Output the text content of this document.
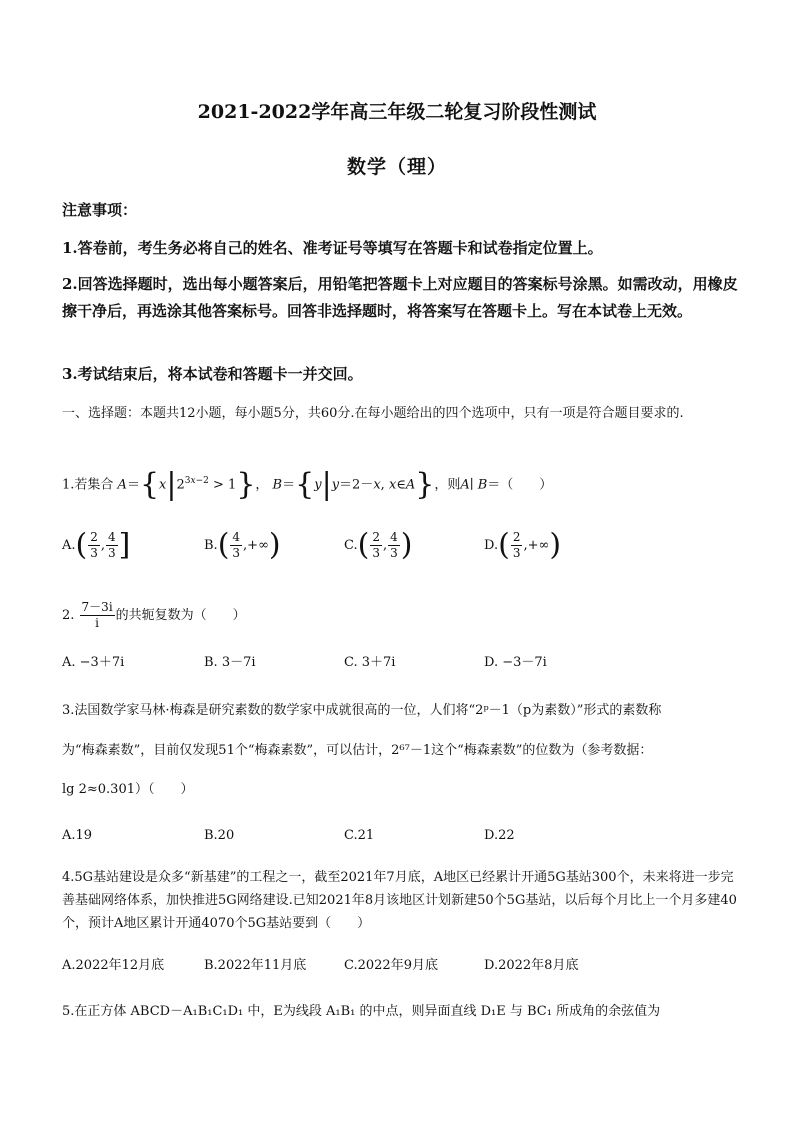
2021-2022学年高三年级二轮复习阶段性测试
数学（理）
注意事项：
1.答卷前，考生务必将自己的姓名、准考证号等填写在答题卡和试卷指定位置上。
2.回答选择题时，选出每小题答案后，用铅笔把答题卡上对应题目的答案标号涂黑。如需改动，用橡皮擦干净后，再选涂其他答案标号。回答非选择题时，将答案写在答题卡上。写在本试卷上无效。
3.考试结束后，将本试卷和答题卡一并交回。
一、选择题：本题共12小题，每小题5分，共60分.在每小题给出的四个选项中，只有一项是符合题目要求的.
1.若集合 $A=\{x|2^{3x-2} > 1\}$， B＝{y|y＝2－x, x∈A}，则A∣ B＝（　　）
$A.( \frac{2}{3}$ , $\frac{4}{3}$ ]	$B.( \frac{4}{3}$ ,+∞)	$C.( \frac{2}{3}$ , $\frac{4}{3}$ )	$D.( \frac{2}{3}$ ,+∞)
2. $\frac{7-3i}{i}$ 的共轭复数为（　　）
A. −3＋7i	B. 3－7i	C. 3＋7i	D. −3－7i
3.法国数学家马林·梅森是研究素数的数学家中成就很高的一位，人们将“2ᵖ－1（p为素数）”形式的素数称
为“梅森素数”，目前仅发现51个“梅森素数”，可以估计，2⁶⁷－1这个“梅森素数”的位数为（参考数据：
lg 2≈0.301）（　　）
A.19	B.20	C.21	D.22
4.5G基站建设是众多“新基建”的工程之一，截至2021年7月底，A地区已经累计开通5G基站300个，未来将进一步完善基础网络体系，加快推进5G网络建设.已知2021年8月该地区计划新建50个5G基站，以后每个月比上一个月多建40个，预计A地区累计开通4070个5G基站要到（　　）
A.2022年12月底	B.2022年11月底	C.2022年9月底	D.2022年8月底
5.在正方体 ABCD－A₁B₁C₁D₁ 中，E为线段 A₁B₁ 的中点，则异面直线 D₁E 与 BC₁ 所成角的余弦值为
